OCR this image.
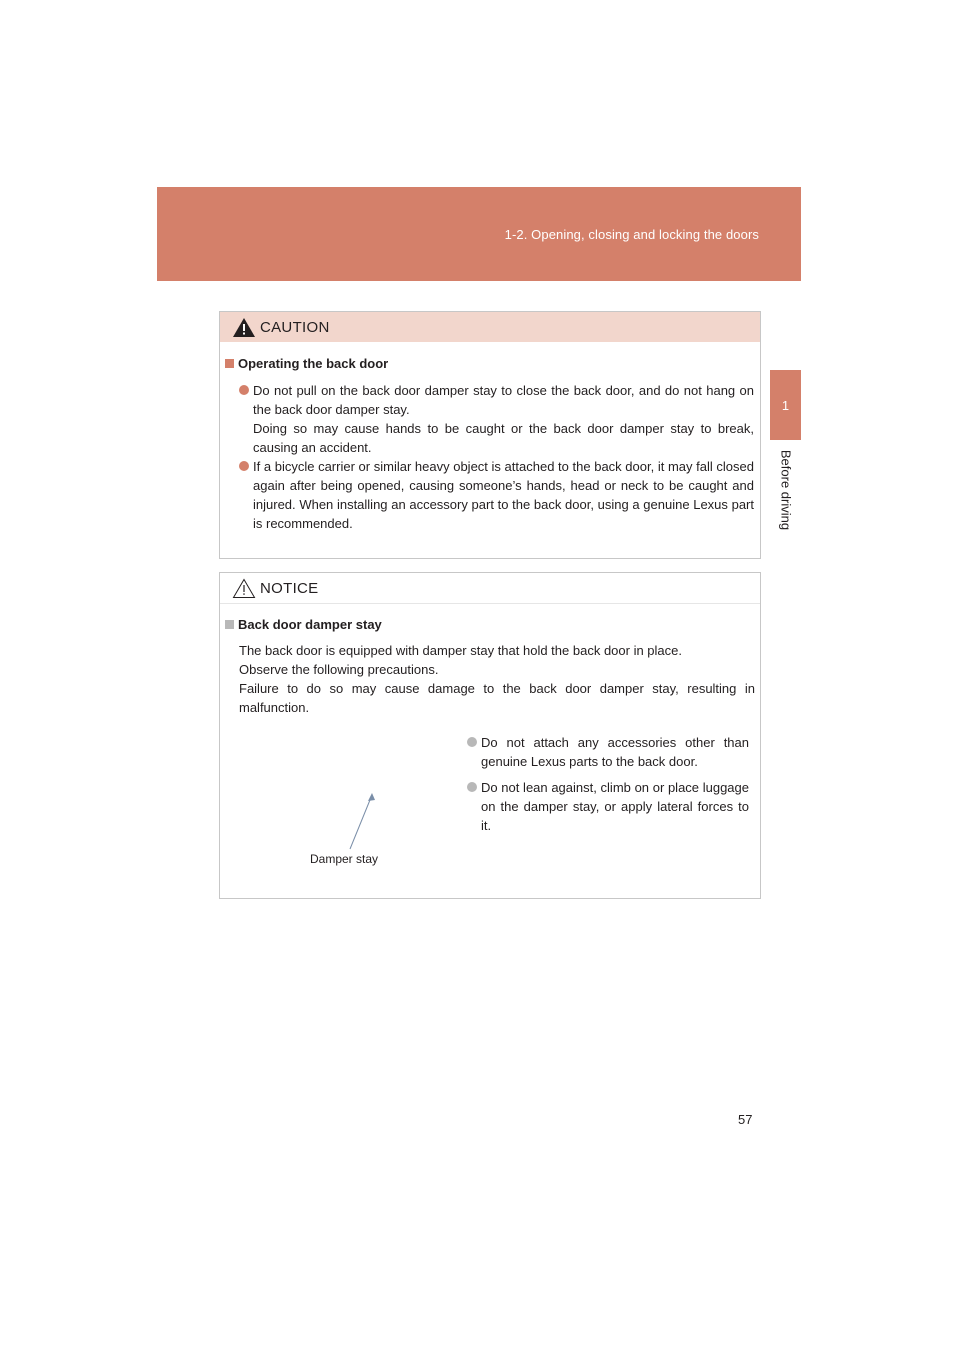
1-2. Opening, closing and locking the doors
1
Before driving
CAUTION
Operating the back door
Do not pull on the back door damper stay to close the back door, and do not hang on the back door damper stay.
Doing so may cause hands to be caught or the back door damper stay to break, causing an accident.
If a bicycle carrier or similar heavy object is attached to the back door, it may fall closed again after being opened, causing someone’s hands, head or neck to be caught and injured. When installing an accessory part to the back door, using a genuine Lexus part is recommended.
NOTICE
Back door damper stay
The back door is equipped with damper stay that hold the back door in place.
Observe the following precautions.
Failure to do so may cause damage to the back door damper stay, resulting in malfunction.
Do not attach any accessories other than genuine Lexus parts to the back door.
Do not lean against, climb on or place luggage on the damper stay, or apply lateral forces to it.
Damper stay
57
